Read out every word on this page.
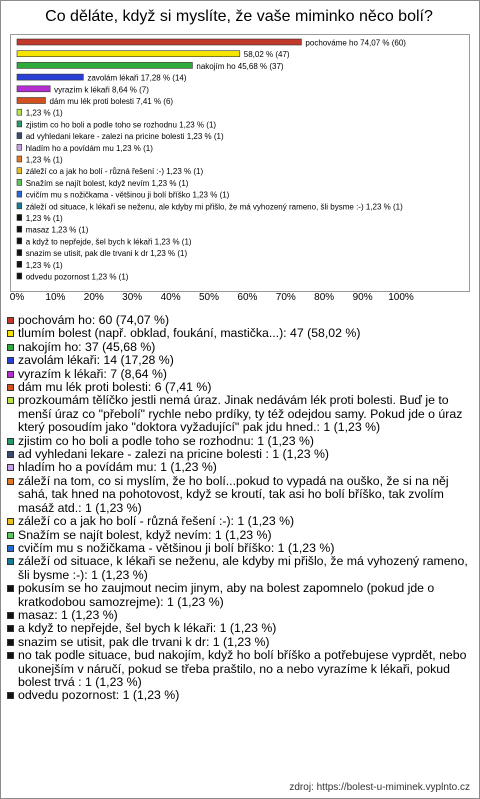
Co děláte, když si myslíte, že vaše miminko něco bolí?
pochováme ho 74,07 % (60)
58,02 % (47)
nakojím ho 45,68 % (37)
zavolám lékaři 17,28 % (14)
vyrazím k lékaři 8,64 % (7)
dám mu lék proti bolesti 7,41 % (6)
1,23 % (1)
zjistim co ho boli a podle toho se rozhodnu 1,23 % (1)
ad vyhledani lekare - zalezi na pricine bolesti 1,23 % (1)
hladím ho a povídám mu 1,23 % (1)
1,23 % (1)
záleží co a jak ho bolí - různá řešení :-) 1,23 % (1)
Snažím se najít bolest, když nevím 1,23 % (1)
cvičím mu s nožičkama - většinou ji bolí bříško 1,23 % (1)
záleží od situace, k lékaři se neženu, ale kdyby mi přišlo, že má vyhozený rameno, šli bysme :-) 1,23 % (1)
1,23 % (1)
masaz 1,23 % (1)
a když to nepřejde, šel bych k lékaři 1,23 % (1)
snazim se utisit, pak dle trvani k dr 1,23 % (1)
1,23 % (1)
odvedu pozornost 1,23 % (1)
0% 10% 20% 30% 40% 50% 60% 70% 80% 90% 100%
pochovám ho: 60 (74,07 %)
tlumím bolest (např. obklad, foukání, mastička...): 47 (58,02 %)
nakojím ho: 37 (45,68 %)
zavolám lékaři: 14 (17,28 %)
vyrazím k lékaři: 7 (8,64 %)
dám mu lék proti bolesti: 6 (7,41 %)
prozkoumám tělíčko jestli nemá úraz. Jinak nedávám lék proti bolesti. Buď je to menší úraz co "přebolí" rychle nebo prdíky, ty též odejdou samy. Pokud jde o úraz který posoudím jako "doktora vyžadující" pak jdu hned.: 1 (1,23 %)
zjistim co ho boli a podle toho se rozhodnu: 1 (1,23 %)
ad vyhledani lekare - zalezi na pricine bolesti : 1 (1,23 %)
hladím ho a povídám mu: 1 (1,23 %)
záleží na tom, co si myslím, že ho bolí...pokud to vypadá na ouško, že si na něj sahá, tak hned na pohotovost, když se kroutí, tak asi ho bolí bříško, tak zvolím masáž atd.: 1 (1,23 %)
záleží co a jak ho bolí - různá řešení :-): 1 (1,23 %)
Snažím se najít bolest, když nevím: 1 (1,23 %)
cvičím mu s nožičkama - většinou ji bolí bříško: 1 (1,23 %)
záleží od situace, k lékaři se neženu, ale kdyby mi přišlo, že má vyhozený rameno, šli bysme :-): 1 (1,23 %)
pokusím se ho zaujmout necim jinym, aby na bolest zapomnelo (pokud jde o kratkodobou samozrejme): 1 (1,23 %)
masaz: 1 (1,23 %)
a když to nepřejde, šel bych k lékaři: 1 (1,23 %)
snazim se utisit, pak dle trvani k dr: 1 (1,23 %)
no tak podle situace, bud nakojím, když ho bolí bříško a potřebujese vyprdět, nebo ukonejším v náručí, pokud se třeba praštilo, no a nebo vyrazíme k lékaři, pokud bolest trvá : 1 (1,23 %)
odvedu pozornost: 1 (1,23 %)
zdroj: https://bolest-u-miminek.vyplnto.cz
